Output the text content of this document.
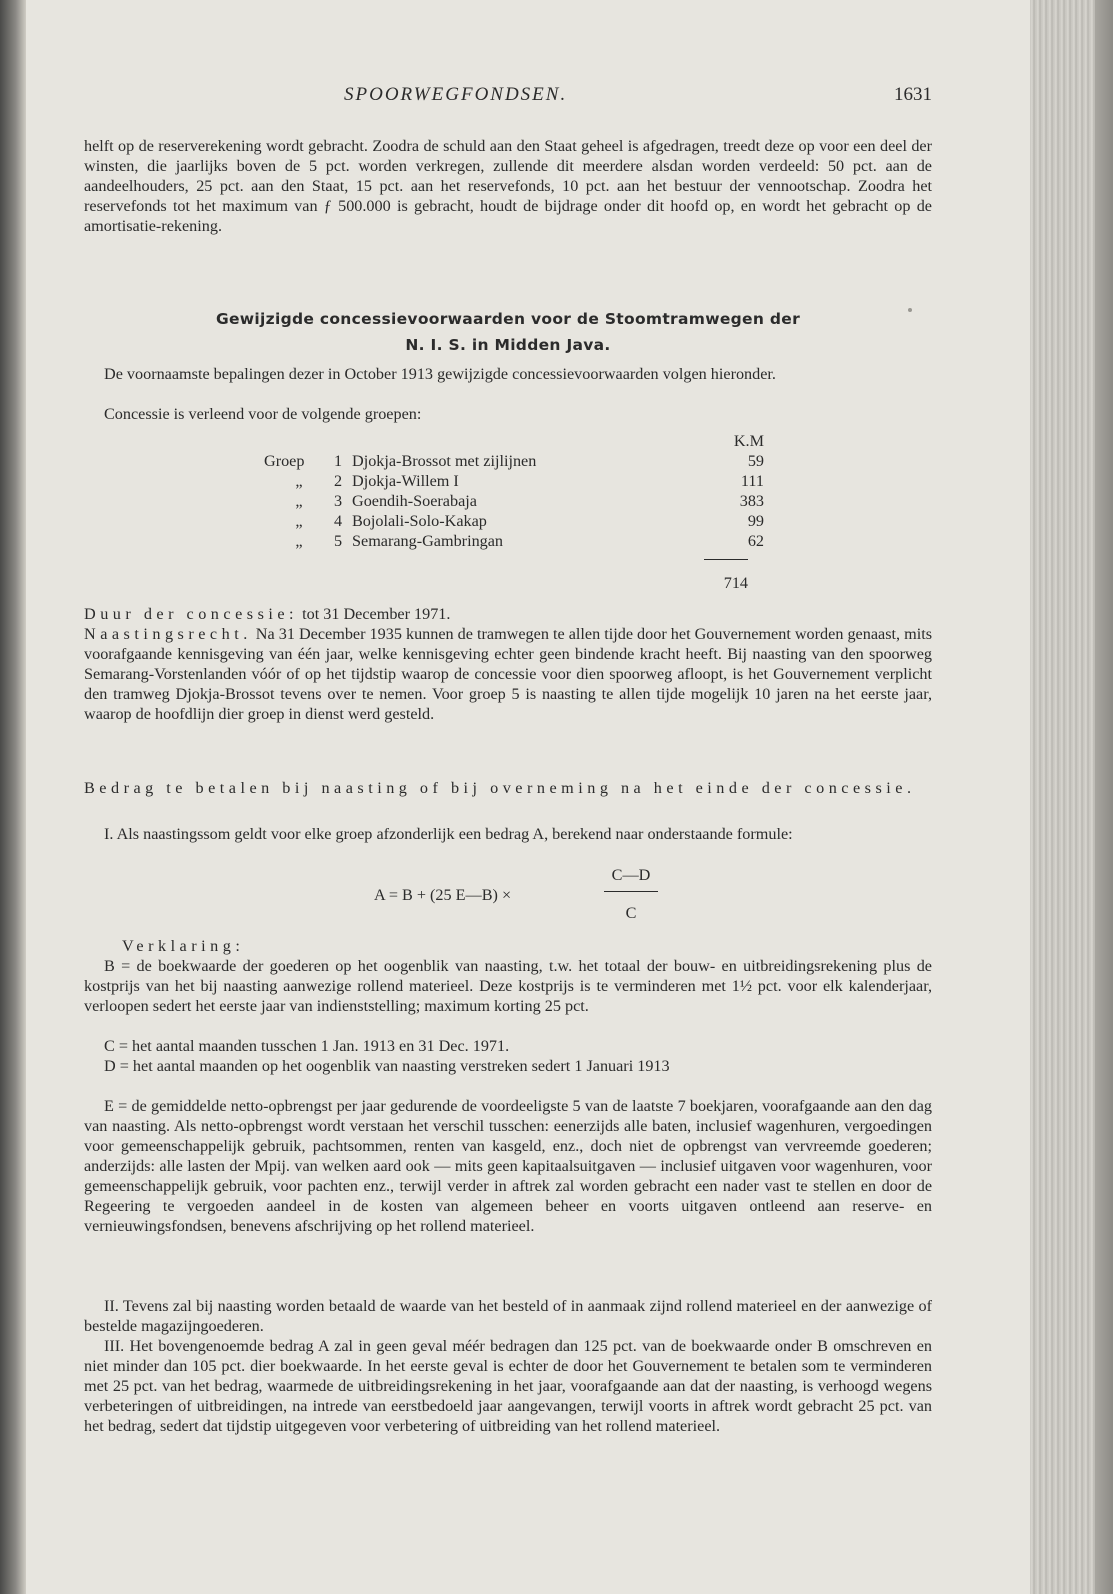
SPOORWEGFONDSEN.	1631

helft op de reserverekening wordt gebracht. Zoodra de schuld aan den Staat geheel is afgedragen, treedt deze op voor een deel der winsten, die jaarlijks boven de 5 pct. worden verkregen, zullende dit meerdere alsdan worden verdeeld: 50 pct. aan de aandeelhouders, 25 pct. aan den Staat, 15 pct. aan het reservefonds, 10 pct. aan het bestuur der vennootschap. Zoodra het reservefonds tot het maximum van ƒ 500.000 is gebracht, houdt de bijdrage onder dit hoofd op, en wordt het gebracht op de amortisatie-rekening.

Gewijzigde concessievoorwaarden voor de Stoomtramwegen der
N. I. S. in Midden Java.

De voornaamste bepalingen dezer in October 1913 gewijzigde concessievoorwaarden volgen hieronder.

Concessie is verleend voor de volgende groepen:

			K.M
Groep	1	Djokja-Brossot met zijlijnen	59
„	2	Djokja-Willem I	111
„	3	Goendih-Soerabaja	383
„	4	Bojolali-Solo-Kakap	99
„	5	Semarang-Gambringan	62
714

Duur der concessie: tot 31 December 1971.

Naastingsrecht. Na 31 December 1935 kunnen de tramwegen te allen tijde door het Gouvernement worden genaast, mits voorafgaande kennisgeving van één jaar, welke kennisgeving echter geen bindende kracht heeft. Bij naasting van den spoorweg Semarang-Vorstenlanden vóór of op het tijdstip waarop de concessie voor dien spoorweg afloopt, is het Gouvernement verplicht den tramweg Djokja-Brossot tevens over te nemen. Voor groep 5 is naasting te allen tijde mogelijk 10 jaren na het eerste jaar, waarop de hoofdlijn dier groep in dienst werd gesteld.

Bedrag te betalen bij naasting of bij overneming na het einde der concessie.

I. Als naastingssom geldt voor elke groep afzonderlijk een bedrag A, berekend naar onderstaande formule:

A = B + (25 E—B) ×
C—D
C

Verklaring:

B = de boekwaarde der goederen op het oogenblik van naasting, t.w. het totaal der bouw- en uitbreidingsrekening plus de kostprijs van het bij naasting aanwezige rollend materieel. Deze kostprijs is te verminderen met 1½ pct. voor elk kalenderjaar, verloopen sedert het eerste jaar van indienststelling; maximum korting 25 pct.

C = het aantal maanden tusschen 1 Jan. 1913 en 31 Dec. 1971.

D = het aantal maanden op het oogenblik van naasting verstreken sedert 1 Januari 1913

E = de gemiddelde netto-opbrengst per jaar gedurende de voordeeligste 5 van de laatste 7 boekjaren, voorafgaande aan den dag van naasting. Als netto-opbrengst wordt verstaan het verschil tusschen: eenerzijds alle baten, inclusief wagenhuren, vergoedingen voor gemeenschappelijk gebruik, pachtsommen, renten van kasgeld, enz., doch niet de opbrengst van vervreemde goederen; anderzijds: alle lasten der Mpij. van welken aard ook — mits geen kapitaalsuitgaven — inclusief uitgaven voor wagenhuren, voor gemeenschappelijk gebruik, voor pachten enz., terwijl verder in aftrek zal worden gebracht een nader vast te stellen en door de Regeering te vergoeden aandeel in de kosten van algemeen beheer en voorts uitgaven ontleend aan reserve- en vernieuwingsfondsen, benevens afschrijving op het rollend materieel.

II. Tevens zal bij naasting worden betaald de waarde van het besteld of in aanmaak zijnd rollend materieel en der aanwezige of bestelde magazijngoederen.

III. Het bovengenoemde bedrag A zal in geen geval méér bedragen dan 125 pct. van de boekwaarde onder B omschreven en niet minder dan 105 pct. dier boekwaarde. In het eerste geval is echter de door het Gouvernement te betalen som te verminderen met 25 pct. van het bedrag, waarmede de uitbreidingsrekening in het jaar, voorafgaande aan dat der naasting, is verhoogd wegens verbeteringen of uitbreidingen, na intrede van eerstbedoeld jaar aangevangen, terwijl voorts in aftrek wordt gebracht 25 pct. van het bedrag, sedert dat tijdstip uitgegeven voor verbetering of uitbreiding van het rollend materieel.
